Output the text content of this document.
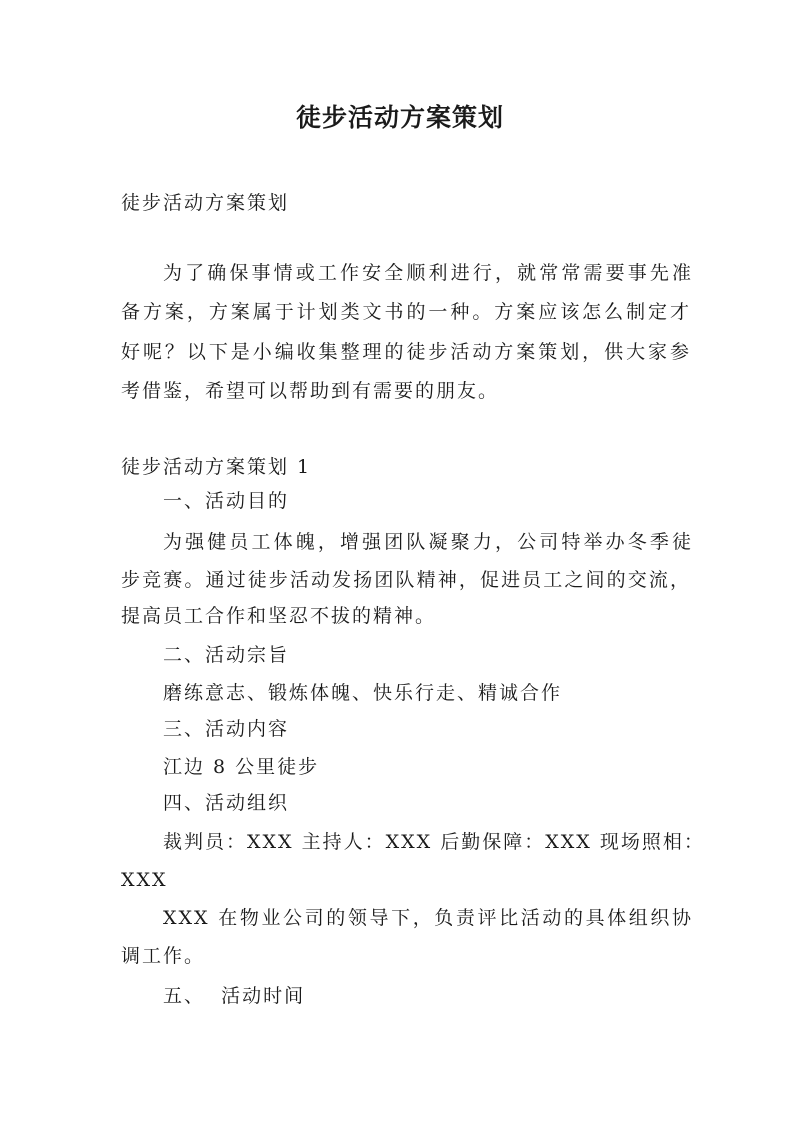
徒步活动方案策划
徒步活动方案策划
为了确保事情或工作安全顺利进行，就常常需要事先准
备方案，方案属于计划类文书的一种。方案应该怎么制定才
好呢？以下是小编收集整理的徒步活动方案策划，供大家参
考借鉴，希望可以帮助到有需要的朋友。
徒步活动方案策划 1
一、活动目的
为强健员工体魄，增强团队凝聚力，公司特举办冬季徒
步竞赛。通过徒步活动发扬团队精神，促进员工之间的交流，
提高员工合作和坚忍不拔的精神。
二、活动宗旨
磨练意志、锻炼体魄、快乐行走、精诚合作
三、活动内容
江边 8 公里徒步
四、活动组织
裁判员：XXX 主持人：XXX 后勤保障：XXX 现场照相：
XXX
XXX 在物业公司的领导下，负责评比活动的具体组织协
调工作。
五、  活动时间
